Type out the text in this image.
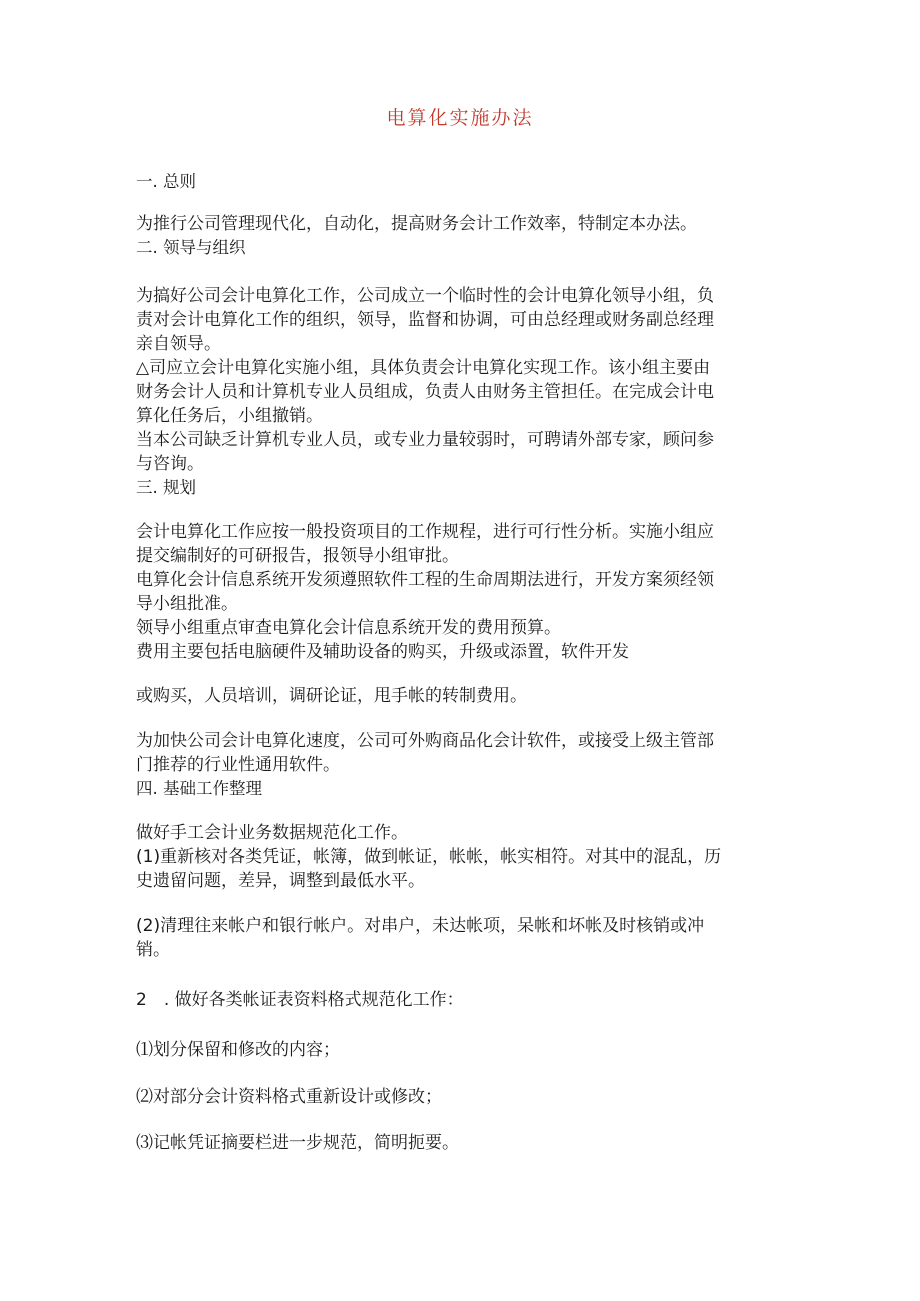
电算化实施办法
一. 总则
为推行公司管理现代化，自动化，提高财务会计工作效率，特制定本办法。
二. 领导与组织
为搞好公司会计电算化工作，公司成立一个临时性的会计电算化领导小组，负
责对会计电算化工作的组织，领导，监督和协调，可由总经理或财务副总经理
亲自领导。
△司应立会计电算化实施小组，具体负责会计电算化实现工作。该小组主要由
财务会计人员和计算机专业人员组成，负责人由财务主管担任。在完成会计电
算化任务后，小组撤销。
当本公司缺乏计算机专业人员，或专业力量较弱时，可聘请外部专家，顾问参
与咨询。
三. 规划
会计电算化工作应按一般投资项目的工作规程，进行可行性分析。实施小组应
提交编制好的可研报告，报领导小组审批。
电算化会计信息系统开发须遵照软件工程的生命周期法进行，开发方案须经领
导小组批准。
领导小组重点审查电算化会计信息系统开发的费用预算。
费用主要包括电脑硬件及辅助设备的购买，升级或添置，软件开发
或购买，人员培训，调研论证，甩手帐的转制费用。
为加快公司会计电算化速度，公司可外购商品化会计软件，或接受上级主管部
门推荐的行业性通用软件。
四. 基础工作整理
做好手工会计业务数据规范化工作。
(1)重新核对各类凭证，帐簿，做到帐证，帐帐，帐实相符。对其中的混乱，历
史遗留问题，差异，调整到最低水平。
(2)清理往来帐户和银行帐户。对串户，未达帐项，呆帐和坏帐及时核销或冲
销。
2　. 做好各类帐证表资料格式规范化工作：
⑴划分保留和修改的内容；
⑵对部分会计资料格式重新设计或修改；
⑶记帐凭证摘要栏进一步规范，简明扼要。
